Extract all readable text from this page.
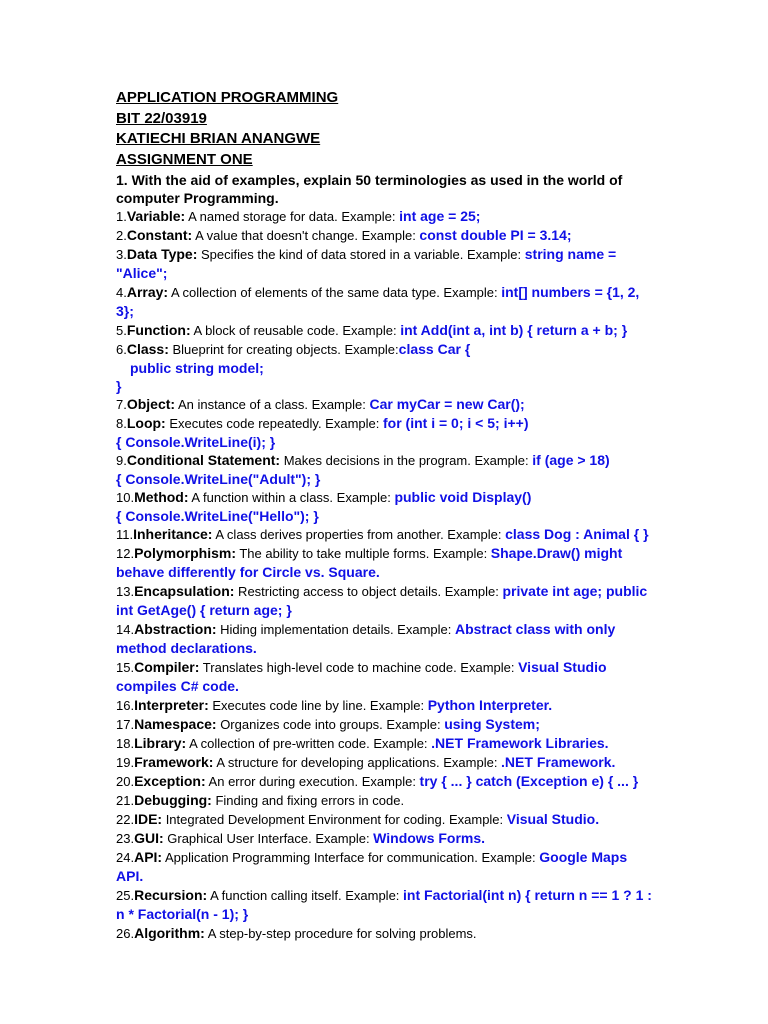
APPLICATION PROGRAMMING
BIT 22/03919
KATIECHI BRIAN ANANGWE
ASSIGNMENT ONE
1. With the aid of examples, explain 50 terminologies as used in the world of computer Programming.
1.Variable: A named storage for data. Example: int age = 25;
2.Constant: A value that doesn't change. Example: const double PI = 3.14;
3.Data Type: Specifies the kind of data stored in a variable. Example: string name = "Alice";
4.Array: A collection of elements of the same data type. Example: int[] numbers = {1, 2, 3};
5.Function: A block of reusable code. Example: int Add(int a, int b) { return a + b; }
6.Class: Blueprint for creating objects. Example:class Car {
public string model;
}
7.Object: An instance of a class. Example: Car myCar = new Car();
8.Loop: Executes code repeatedly. Example: for (int i = 0; i < 5; i++)
{ Console.WriteLine(i); }
9.Conditional Statement: Makes decisions in the program. Example: if (age > 18)
{ Console.WriteLine("Adult"); }
10.Method: A function within a class. Example: public void Display()
{ Console.WriteLine("Hello"); }
11.Inheritance: A class derives properties from another. Example: class Dog : Animal { }
12.Polymorphism: The ability to take multiple forms. Example: Shape.Draw() might behave differently for Circle vs. Square.
13.Encapsulation: Restricting access to object details. Example: private int age; public int GetAge() { return age; }
14.Abstraction: Hiding implementation details. Example: Abstract class with only method declarations.
15.Compiler: Translates high-level code to machine code. Example: Visual Studio compiles C# code.
16.Interpreter: Executes code line by line. Example: Python Interpreter.
17.Namespace: Organizes code into groups. Example: using System;
18.Library: A collection of pre-written code. Example: .NET Framework Libraries.
19.Framework: A structure for developing applications. Example: .NET Framework.
20.Exception: An error during execution. Example: try { ... } catch (Exception e) { ... }
21.Debugging: Finding and fixing errors in code.
22.IDE: Integrated Development Environment for coding. Example: Visual Studio.
23.GUI: Graphical User Interface. Example: Windows Forms.
24.API: Application Programming Interface for communication. Example: Google Maps API.
25.Recursion: A function calling itself. Example: int Factorial(int n) { return n == 1 ? 1 : n * Factorial(n - 1); }
26.Algorithm: A step-by-step procedure for solving problems.
